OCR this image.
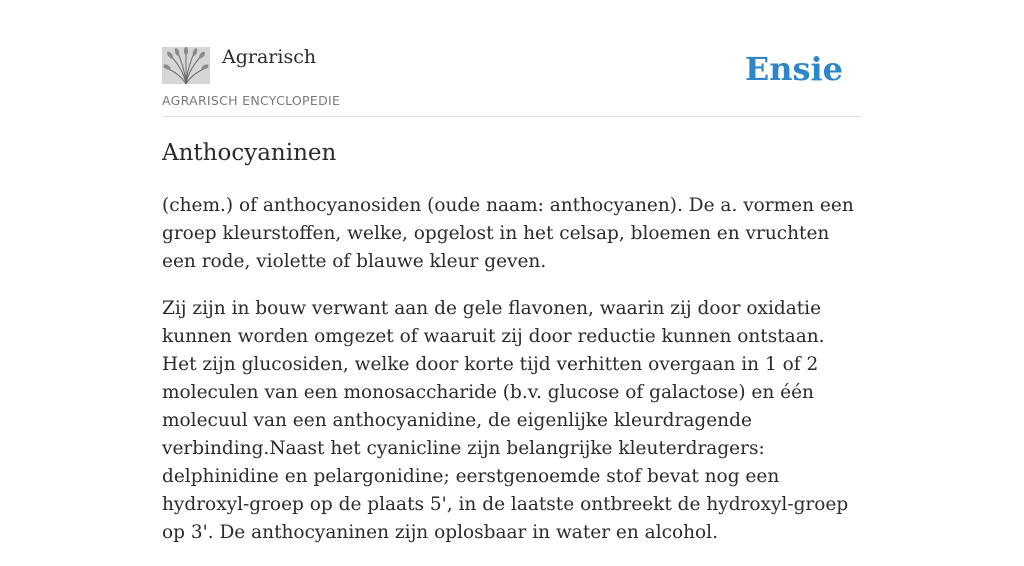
Agrarisch
AGRARISCH ENCYCLOPEDIE
Ensie
Anthocyaninen

(chem.) of anthocyanosiden (oude naam: anthocyanen). De a. vormen een groep kleurstoffen, welke, opgelost in het celsap, bloemen en vruchten een rode, violette of blauwe kleur geven.

Zij zijn in bouw verwant aan de gele flavonen, waarin zij door oxidatie kunnen worden omgezet of waaruit zij door reductie kunnen ontstaan. Het zijn glucosiden, welke door korte tijd verhitten overgaan in 1 of 2 moleculen van een monosaccharide (b.v. glucose of galactose) en één molecuul van een anthocyanidine, de eigenlijke kleurdragende verbinding.Naast het cyanicline zijn belangrijke kleuterdragers: delphinidine en pelargonidine; eerstgenoemde stof bevat nog een hydroxyl-groep op de plaats 5', in de laatste ontbreekt de hydroxyl-groep op 3'. De anthocyaninen zijn oplosbaar in water en alcohol.
